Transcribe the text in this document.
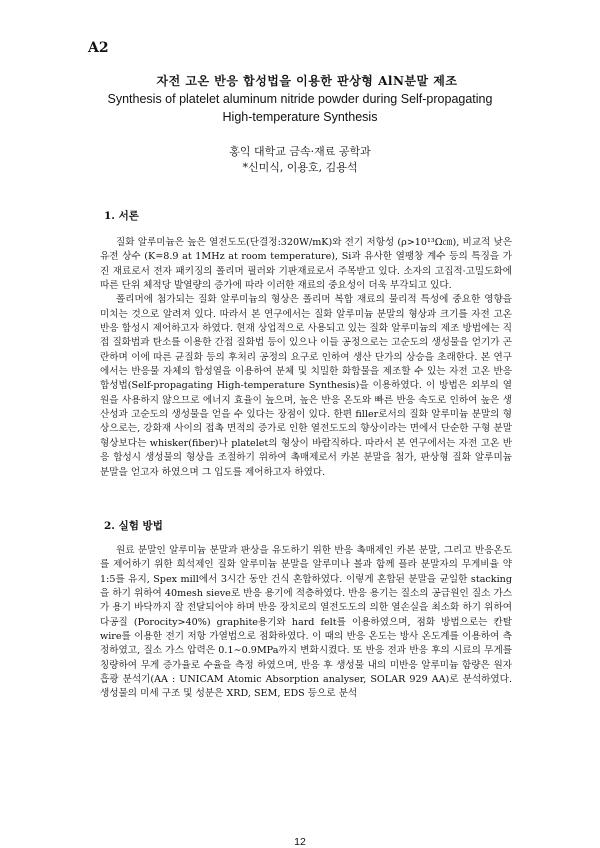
A2
자전 고온 반응 합성법을 이용한 판상형 AlN분말 제조
Synthesis of platelet aluminum nitride powder during Self-propagating
High-temperature Synthesis
홍익 대학교 금속·재료 공학과
*신미식, 이용호, 김용석
1. 서론

질화 알루미늄은 높은 열전도도(단결정:320W/mK)와 전기 저항성 (ρ>10¹³Ω㎝), 비교적 낮은 유전 상수 (K=8.9 at 1MHz at room temperature), Si과 유사한 열팽창 계수 등의 특징을 가진 재료로서 전자 패키징의 폴리머 필러와 기판재료로서 주목받고 있다. 소자의 고집적·고밀도화에 따른 단위 체적당 발열량의 증가에 따라 이러한 재료의 중요성이 더욱 부각되고 있다.

폴리머에 첨가되는 질화 알루미늄의 형상은 폴리머 복합 재료의 물리적 특성에 중요한 영향을 미치는 것으로 알려져 있다. 따라서 본 연구에서는 질화 알루미늄 분말의 형상과 크기를 자전 고온 반응 합성시 제어하고자 하였다. 현재 상업적으로 사용되고 있는 질화 알루미늄의 제조 방법에는 직접 질화법과 탄소를 이용한 간접 질화법 등이 있으나 이들 공정으로는 고순도의 생성물을 얻기가 곤란하며 이에 따른 균질화 등의 후처리 공정의 요구로 인하여 생산 단가의 상승을 초래한다. 본 연구에서는 반응물 자체의 합성열을 이용하여 분체 및 치밀한 화합물을 제조할 수 있는 자전 고온 반응 합성법(Self-propagating High-temperature Synthesis)을 이용하였다. 이 방법은 외부의 열원을 사용하지 않으므로 에너지 효율이 높으며, 높은 반응 온도와 빠른 반응 속도로 인하여 높은 생산성과 고순도의 생성물을 얻을 수 있다는 장점이 있다. 한편 filler로서의 질화 알루미늄 분말의 형상으로는, 강화재 사이의 접촉 면적의 증가로 인한 열전도도의 향상이라는 면에서 단순한 구형 분말 형상보다는 whisker(fiber)나 platelet의 형상이 바람직하다. 따라서 본 연구에서는 자전 고온 반응 합성시 생성물의 형상을 조절하기 위하여 촉매제로서 카본 분말을 첨가, 판상형 질화 알루미늄 분말을 얻고자 하였으며 그 입도를 제어하고자 하였다.

2. 실험 방법

원료 분말인 알루미늄 분말과 판상을 유도하기 위한 반응 촉매제인 카본 분말, 그리고 반응온도를 제어하기 위한 희석제인 질화 알루미늄 분말을 알루미나 볼과 함께 플라 분말자의 무게비율 약 1:5를 유지, Spex mill에서 3시간 동안 건식 혼합하였다. 이렇게 혼합된 분말을 균일한 stacking을 하기 위하여 40mesh sieve로 반응 용기에 적층하였다. 반응 용기는 질소의 공급원인 질소 가스가 용기 바닥까지 잘 전달되어야 하며 반응 장치로의 열전도도의 의한 열손실을 최소화 하기 위하여 다공질 (Porocity>40%) graphite용기와 hard felt를 이용하였으며, 점화 방법으로는 칸탈 wire를 이용한 전기 저항 가열법으로 점화하였다. 이 때의 반응 온도는 방사 온도계를 이용하여 측정하였고, 질소 가스 압력은 0.1∼0.9MPa까지 변화시켰다. 또 반응 전과 반응 후의 시료의 무게를 칭량하여 무게 증가율로 수율을 측정 하였으며, 반응 후 생성물 내의 미반응 알루미늄 함량은 원자 흡광 분석기(AA : UNICAM Atomic Absorption analyser, SOLAR 929 AA)로 분석하였다. 생성물의 미세 구조 및 성분은 XRD, SEM, EDS 등으로 분석

12
